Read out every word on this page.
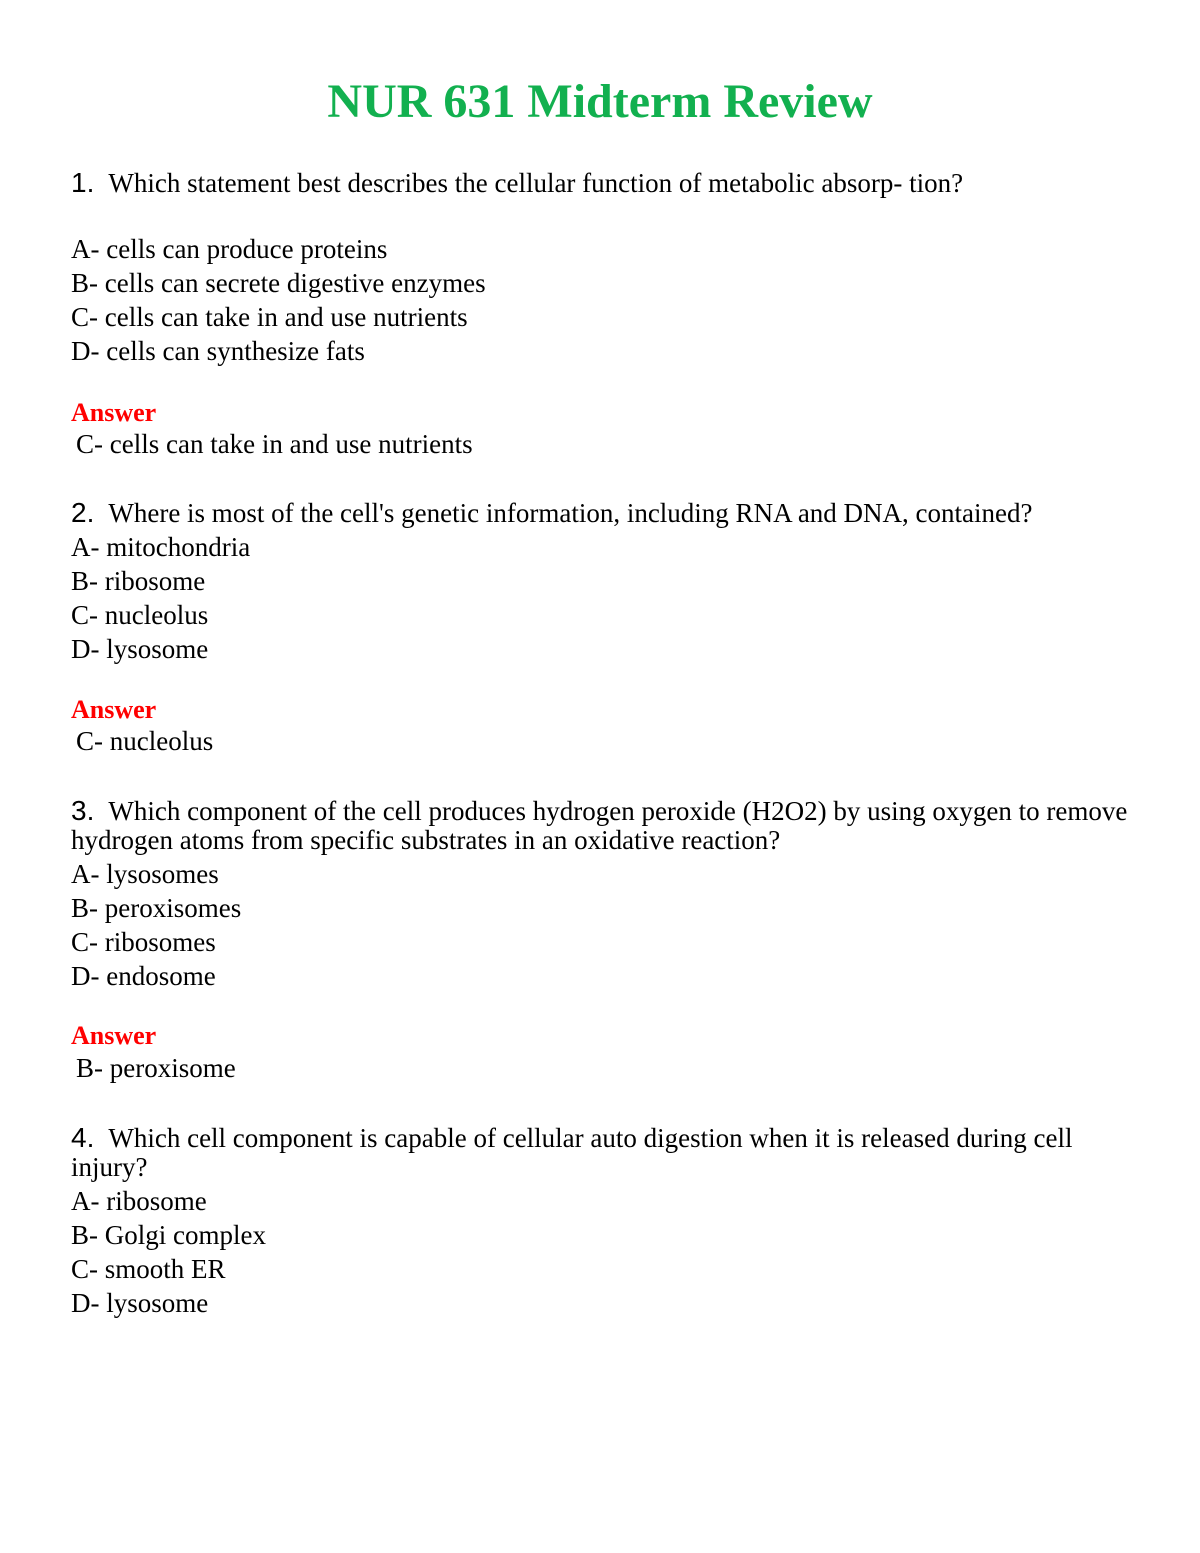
NUR 631 Midterm Review

1. Which statement best describes the cellular function of metabolic absorp- tion?

A- cells can produce proteins

B- cells can secrete digestive enzymes

C- cells can take in and use nutrients

D- cells can synthesize fats

Answer

C- cells can take in and use nutrients

2. Where is most of the cell's genetic information, including RNA and DNA, contained?

A- mitochondria

B- ribosome

C- nucleolus

D- lysosome

Answer

C- nucleolus

3. Which component of the cell produces hydrogen peroxide (H2O2) by using oxygen to remove hydrogen atoms from specific substrates in an oxidative reaction?

A- lysosomes

B- peroxisomes

C- ribosomes

D- endosome

Answer

B- peroxisome

4. Which cell component is capable of cellular auto digestion when it is released during cell injury?

A- ribosome

B- Golgi complex

C- smooth ER

D- lysosome
